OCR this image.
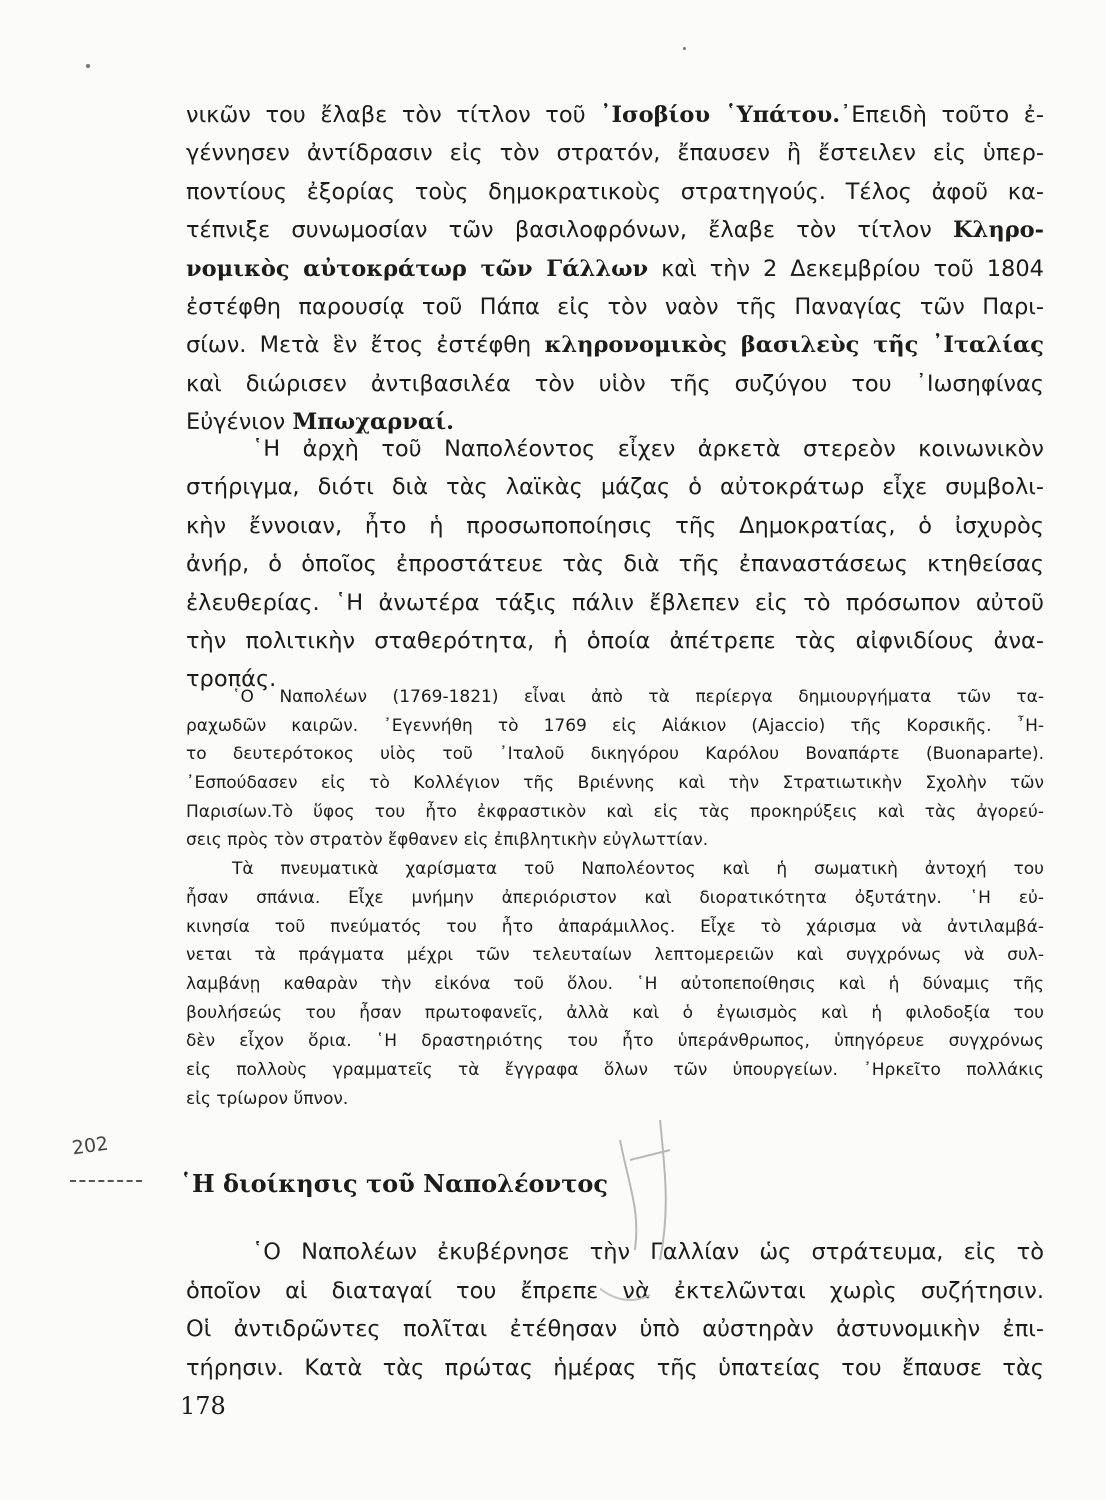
νικῶν του ἔλαβε τὸν τίτλον τοῦ ᾿Ισοβίου ῾Υπάτου.᾿Επειδὴ τοῦτο ἐ-
γέννησεν ἀντίδρασιν εἰς τὸν στρατόν, ἔπαυσεν ἢ ἔστειλεν εἰς ὑπερ-
ποντίους ἐξορίας τοὺς δημοκρατικοὺς στρατηγούς. Τέλος ἀφοῦ κα-
τέπνιξε συνωμοσίαν τῶν βασιλοφρόνων, ἔλαβε τὸν τίτλον Κληρο-
νομικὸς αὐτοκράτωρ τῶν Γάλλων καὶ τὴν 2 Δεκεμβρίου τοῦ 1804
ἐστέφθη παρουσίᾳ τοῦ Πάπα εἰς τὸν ναὸν τῆς Παναγίας τῶν Παρι-
σίων. Μετὰ ἓν ἔτος ἐστέφθη κληρονομικὸς βασιλεὺς τῆς ᾿Ιταλίας
καὶ διώρισεν ἀντιβασιλέα τὸν υἱὸν τῆς συζύγου του ᾿Ιωσηφίνας
Εὐγένιον Μπωχαρναί.
῾Η ἀρχὴ τοῦ Ναπολέοντος εἶχεν ἀρκετὰ στερεὸν κοινωνικὸν
στήριγμα, διότι διὰ τὰς λαϊκὰς μάζας ὁ αὐτοκράτωρ εἶχε συμβολι-
κὴν ἔννοιαν, ἦτο ἡ προσωποποίησις τῆς Δημοκρατίας, ὁ ἰσχυρὸς
ἀνήρ, ὁ ὁποῖος ἐπροστάτευε τὰς διὰ τῆς ἐπαναστάσεως κτηθείσας
ἐλευθερίας. ῾Η ἀνωτέρα τάξις πάλιν ἔβλεπεν εἰς τὸ πρόσωπον αὐτοῦ
τὴν πολιτικὴν σταθερότητα, ἡ ὁποία ἀπέτρεπε τὰς αἰφνιδίους ἀνα-
τροπάς.
῾Ο Ναπολέων (1769-1821) εἶναι ἀπὸ τὰ περίεργα δημιουργήματα τῶν τα-
ραχωδῶν καιρῶν. ᾿Εγεννήθη τὸ 1769 εἰς Αἰάκιον (Ajaccio) τῆς Κορσικῆς. ῏Η-
το δευτερότοκος υἱὸς τοῦ ᾿Ιταλοῦ δικηγόρου Καρόλου Βοναπάρτε (Buonaparte).
᾿Εσπούδασεν εἰς τὸ Κολλέγιον τῆς Βριέννης καὶ τὴν Στρατιωτικὴν Σχολὴν τῶν
Παρισίων.Τὸ ὕφος του ἦτο ἐκφραστικὸν καὶ εἰς τὰς προκηρύξεις καὶ τὰς ἀγορεύ-
σεις πρὸς τὸν στρατὸν ἔφθανεν εἰς ἐπιβλητικὴν εὐγλωττίαν.
Τὰ πνευματικὰ χαρίσματα τοῦ Ναπολέοντος καὶ ἡ σωματικὴ ἀντοχή του
ἦσαν σπάνια. Εἶχε μνήμην ἀπεριόριστον καὶ διορατικότητα ὀξυτάτην. ῾Η εὐ-
κινησία τοῦ πνεύματός του ἦτο ἀπαράμιλλος. Εἶχε τὸ χάρισμα νὰ ἀντιλαμβά-
νεται τὰ πράγματα μέχρι τῶν τελευταίων λεπτομερειῶν καὶ συγχρόνως νὰ συλ-
λαμβάνῃ καθαρὰν τὴν εἰκόνα τοῦ ὅλου. ῾Η αὐτοπεποίθησις καὶ ἡ δύναμις τῆς
βουλήσεώς του ἦσαν πρωτοφανεῖς, ἀλλὰ καὶ ὁ ἐγωισμὸς καὶ ἡ φιλοδοξία του
δὲν εἶχον ὅρια. ῾Η δραστηριότης του ἦτο ὑπεράνθρωπος, ὑπηγόρευε συγχρόνως
εἰς πολλοὺς γραμματεῖς τὰ ἔγγραφα ὅλων τῶν ὑπουργείων. ᾿Ηρκεῖτο πολλάκις
εἰς τρίωρον ὕπνον.
῾Η διοίκησις τοῦ Ναπολέοντος
῾Ο Ναπολέων ἐκυβέρνησε τὴν Γαλλίαν ὡς στράτευμα, εἰς τὸ
ὁποῖον αἱ διαταγαί του ἔπρεπε νὰ ἐκτελῶνται χωρὶς συζήτησιν.
Οἱ ἀντιδρῶντες πολῖται ἐτέθησαν ὑπὸ αὐστηρὰν ἀστυνομικὴν ἐπι-
τήρησιν. Κατὰ τὰς πρώτας ἡμέρας τῆς ὑπατείας του ἔπαυσε τὰς
178
202
